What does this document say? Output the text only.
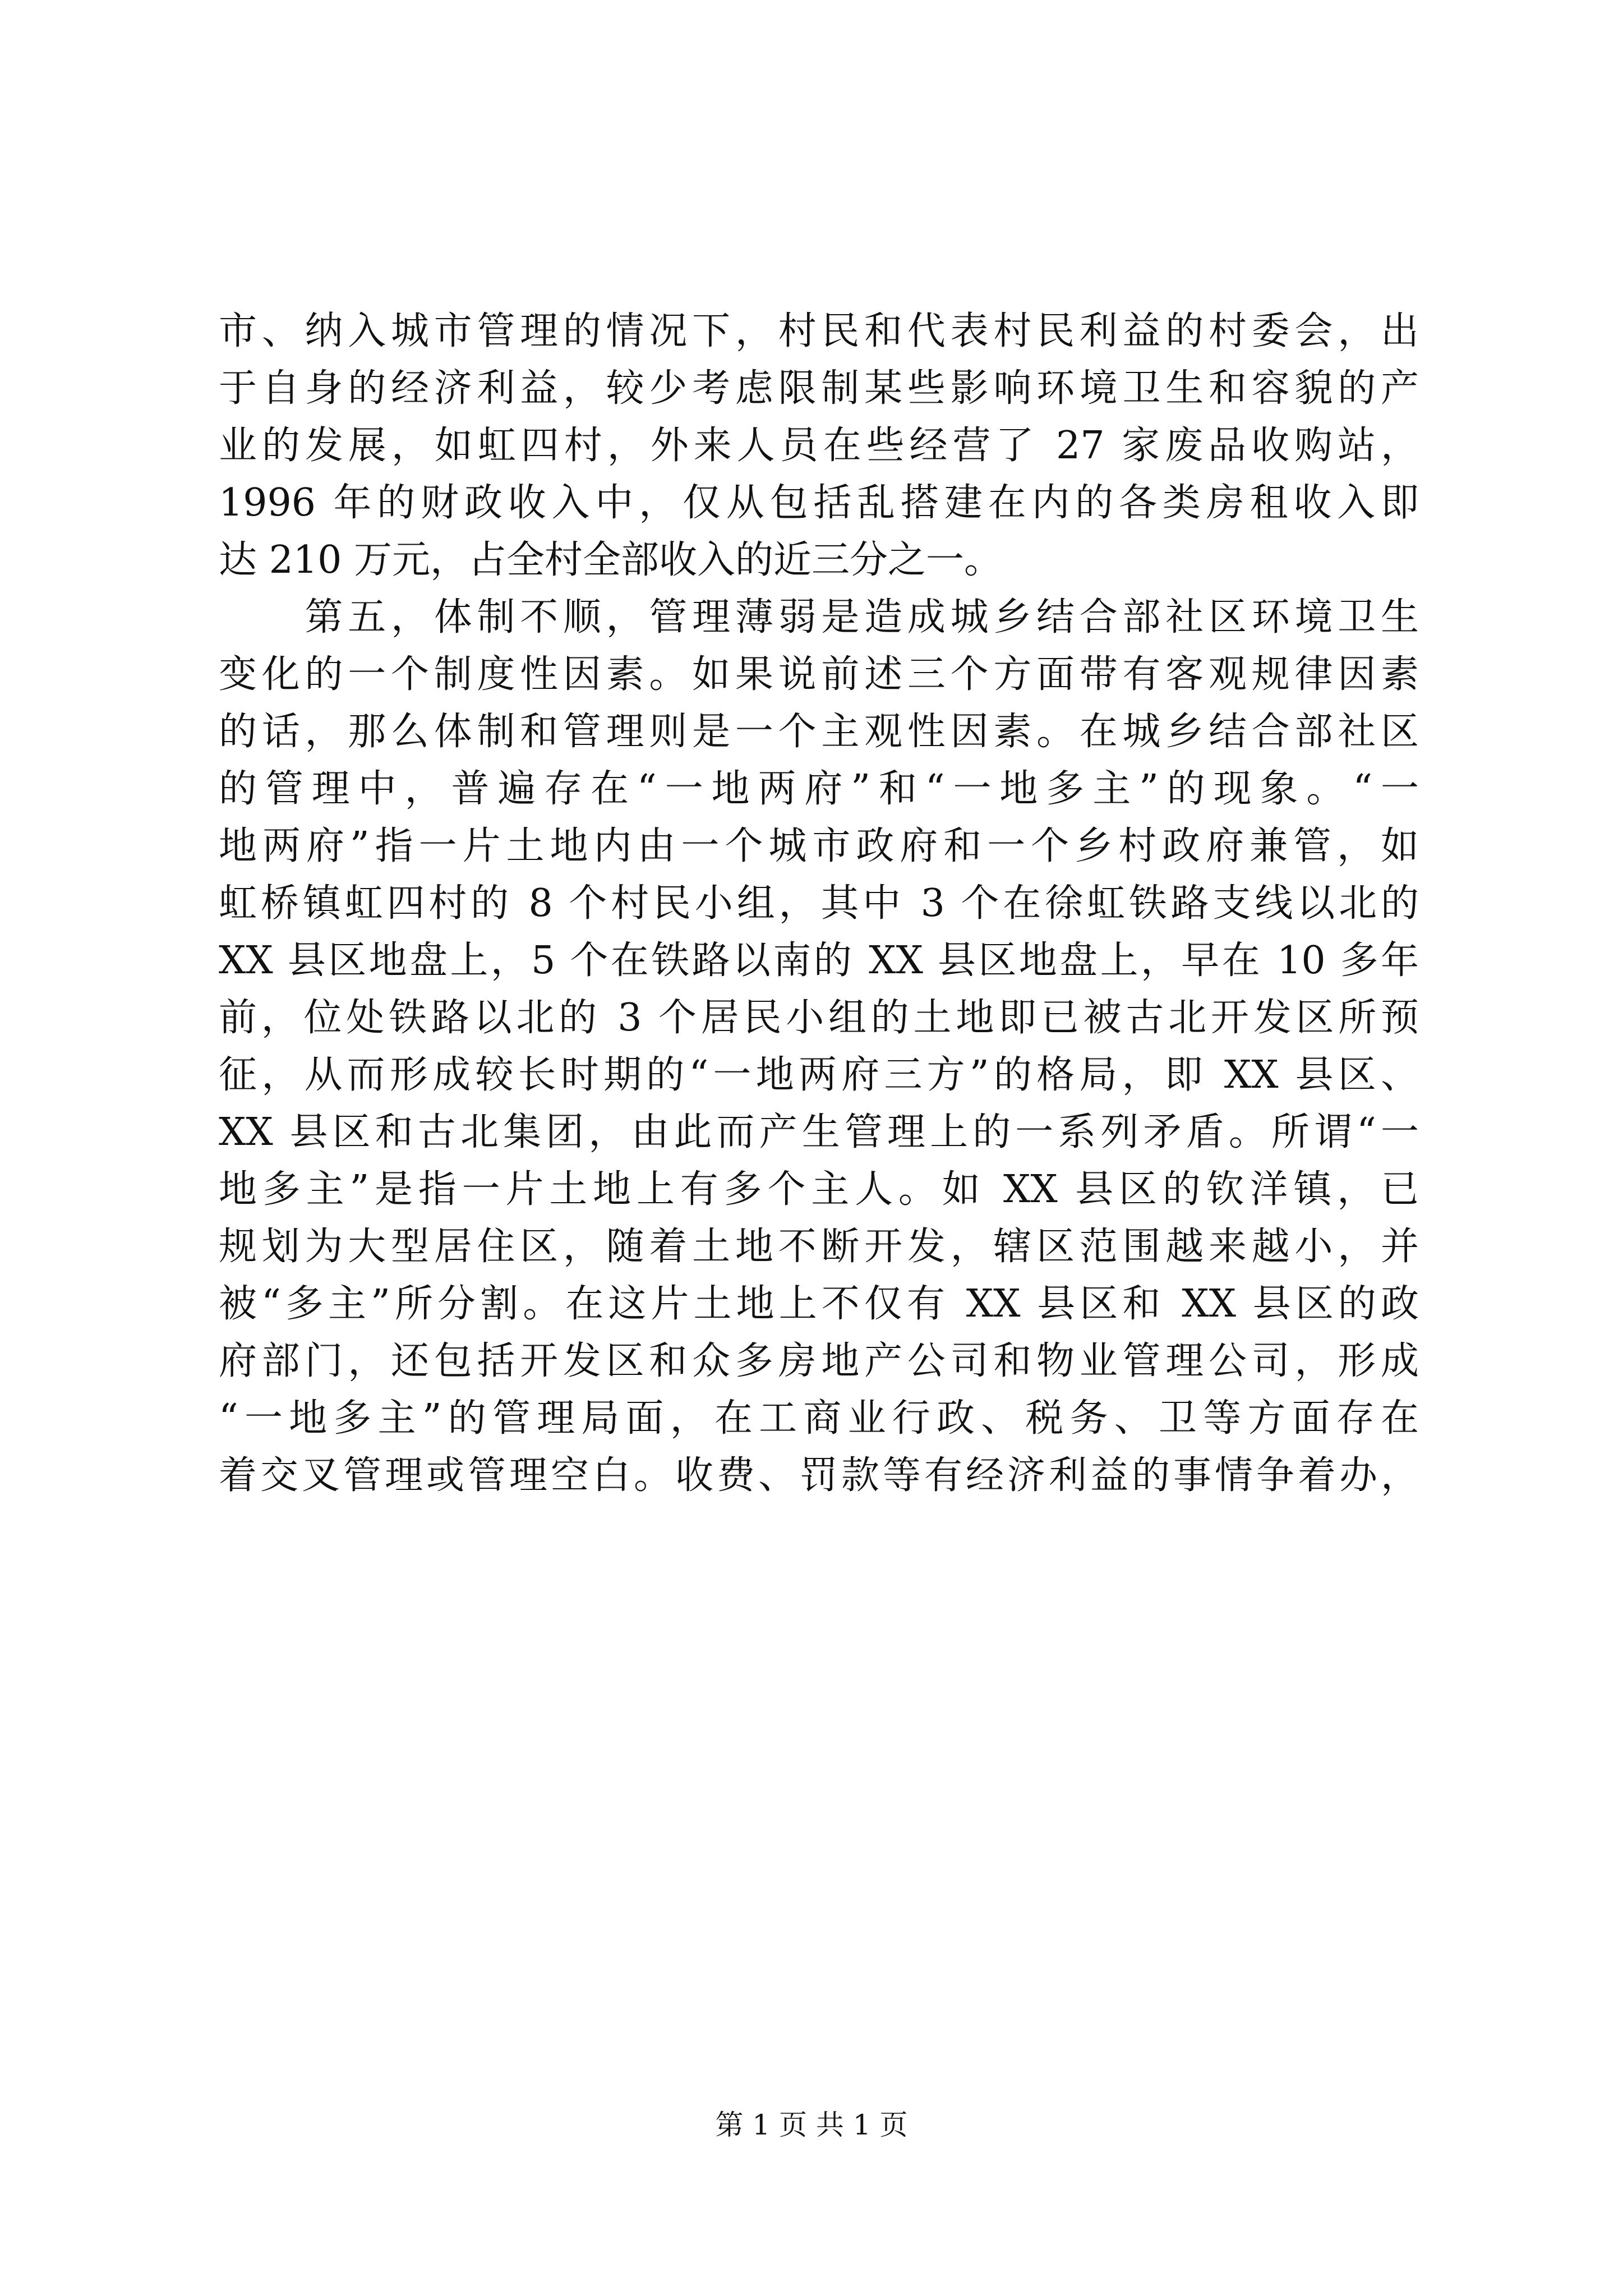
市、纳入城市管理的情况下，村民和代表村民利益的村委会，出
于自身的经济利益，较少考虑限制某些影响环境卫生和容貌的产
业的发展，如虹四村，外来人员在些经营了 27 家废品收购站，
1996 年的财政收入中，仅从包括乱搭建在内的各类房租收入即
达 210 万元，占全村全部收入的近三分之一。
　　第五，体制不顺，管理薄弱是造成城乡结合部社区环境卫生
变化的一个制度性因素。如果说前述三个方面带有客观规律因素
的话，那么体制和管理则是一个主观性因素。在城乡结合部社区
的管理中，普遍存在“一地两府”和“一地多主”的现象。“一
地两府”指一片土地内由一个城市政府和一个乡村政府兼管，如
虹桥镇虹四村的 8 个村民小组，其中 3 个在徐虹铁路支线以北的
XX 县区地盘上，5 个在铁路以南的 XX 县区地盘上，早在 10 多年
前，位处铁路以北的 3 个居民小组的土地即已被古北开发区所预
征，从而形成较长时期的“一地两府三方”的格局，即 XX 县区、
XX 县区和古北集团，由此而产生管理上的一系列矛盾。所谓“一
地多主”是指一片土地上有多个主人。如 XX 县区的钦洋镇，已
规划为大型居住区，随着土地不断开发，辖区范围越来越小，并
被“多主”所分割。在这片土地上不仅有 XX 县区和 XX 县区的政
府部门，还包括开发区和众多房地产公司和物业管理公司，形成
“一地多主”的管理局面，在工商业行政、税务、卫等方面存在
着交叉管理或管理空白。收费、罚款等有经济利益的事情争着办，
第 1 页 共 1 页
